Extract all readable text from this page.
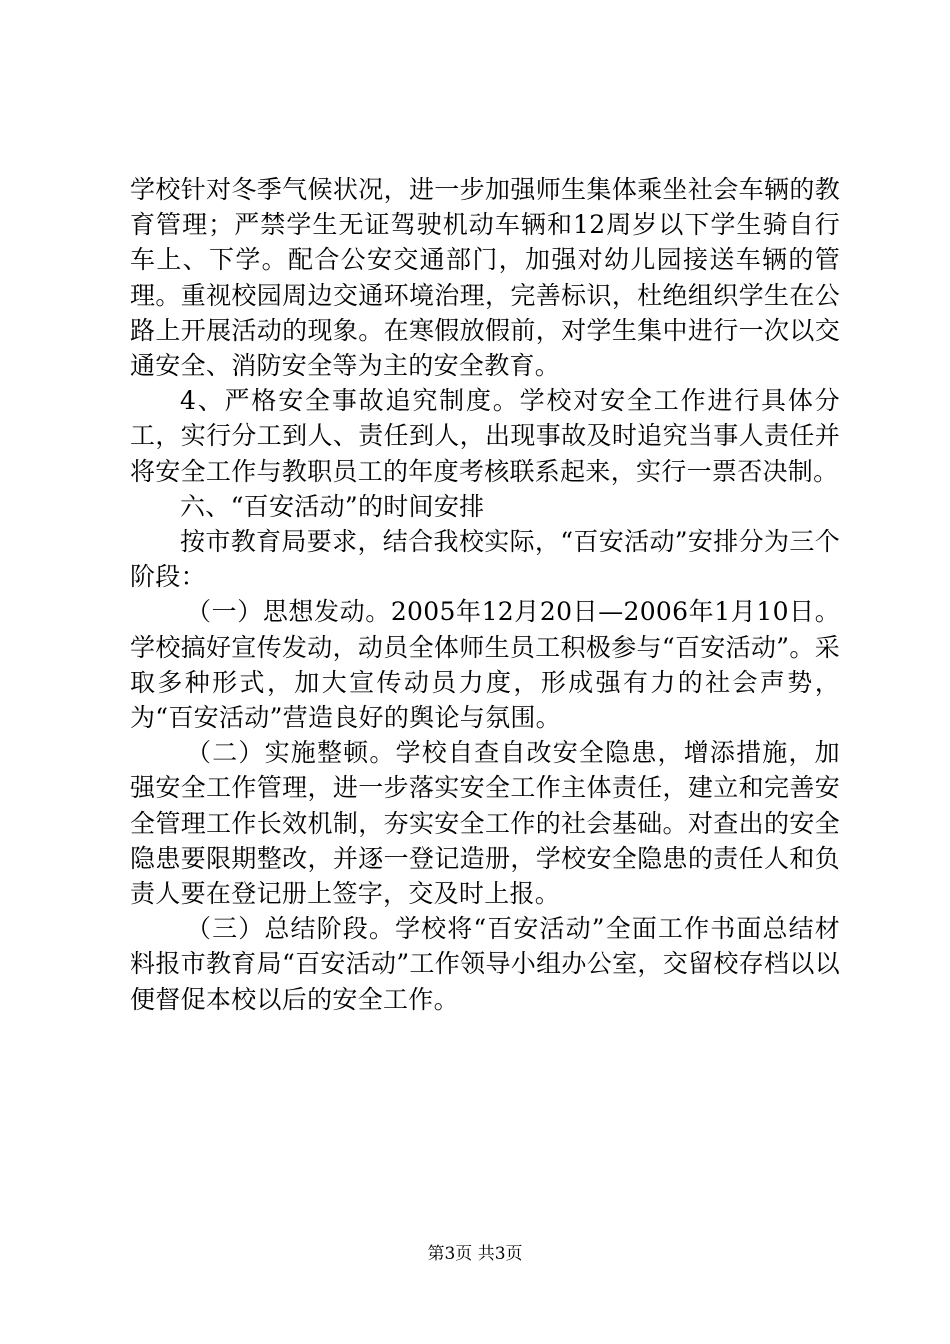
学校针对冬季气候状况，进一步加强师生集体乘坐社会车辆的教育管理；严禁学生无证驾驶机动车辆和12周岁以下学生骑自行车上、下学。配合公安交通部门，加强对幼儿园接送车辆的管理。重视校园周边交通环境治理，完善标识，杜绝组织学生在公路上开展活动的现象。在寒假放假前，对学生集中进行一次以交通安全、消防安全等为主的安全教育。

4、严格安全事故追究制度。学校对安全工作进行具体分工，实行分工到人、责任到人，出现事故及时追究当事人责任并将安全工作与教职员工的年度考核联系起来，实行一票否决制。

六、“百安活动”的时间安排

按市教育局要求，结合我校实际，“百安活动”安排分为三个阶段：

（一）思想发动。2005年12月20日—2006年1月10日。学校搞好宣传发动，动员全体师生员工积极参与“百安活动”。采取多种形式，加大宣传动员力度，形成强有力的社会声势，为“百安活动”营造良好的舆论与氛围。

（二）实施整顿。学校自查自改安全隐患，增添措施，加强安全工作管理，进一步落实安全工作主体责任，建立和完善安全管理工作长效机制，夯实安全工作的社会基础。对查出的安全隐患要限期整改，并逐一登记造册，学校安全隐患的责任人和负责人要在登记册上签字，交及时上报。

（三）总结阶段。学校将“百安活动”全面工作书面总结材料报市教育局“百安活动”工作领导小组办公室，交留校存档以以便督促本校以后的安全工作。

第3页 共3页
